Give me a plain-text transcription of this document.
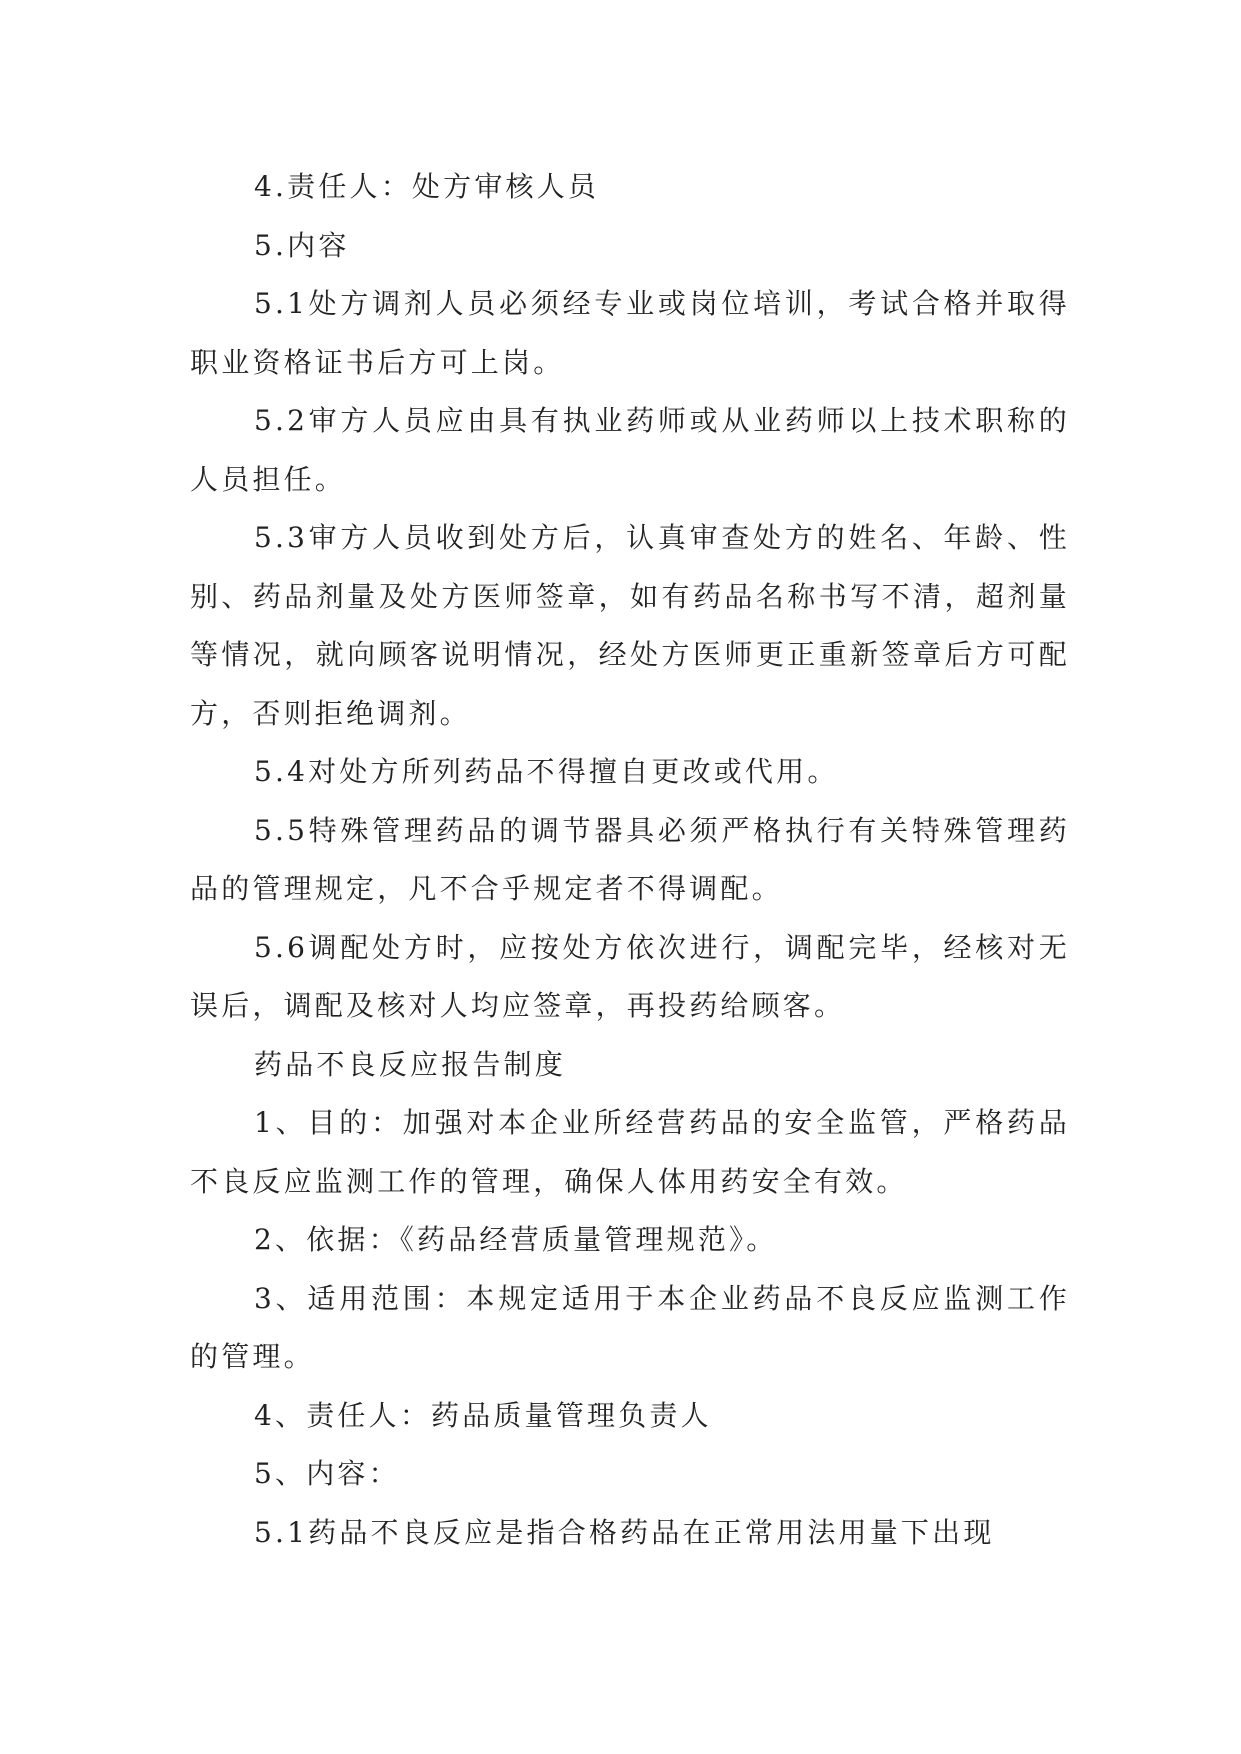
4.责任人：处方审核人员

5.内容

5.1处方调剂人员必须经专业或岗位培训，考试合格并取得职业资格证书后方可上岗。

5.2审方人员应由具有执业药师或从业药师以上技术职称的人员担任。

5.3审方人员收到处方后，认真审查处方的姓名、年龄、性别、药品剂量及处方医师签章，如有药品名称书写不清，超剂量等情况，就向顾客说明情况，经处方医师更正重新签章后方可配方，否则拒绝调剂。

5.4对处方所列药品不得擅自更改或代用。

5.5特殊管理药品的调节器具必须严格执行有关特殊管理药品的管理规定，凡不合乎规定者不得调配。

5.6调配处方时，应按处方依次进行，调配完毕，经核对无误后，调配及核对人均应签章，再投药给顾客。

药品不良反应报告制度

1、目的：加强对本企业所经营药品的安全监管，严格药品不良反应监测工作的管理，确保人体用药安全有效。

2、依据：《药品经营质量管理规范》。

3、适用范围：本规定适用于本企业药品不良反应监测工作的管理。

4、责任人：药品质量管理负责人

5、内容：

5.1药品不良反应是指合格药品在正常用法用量下出现
